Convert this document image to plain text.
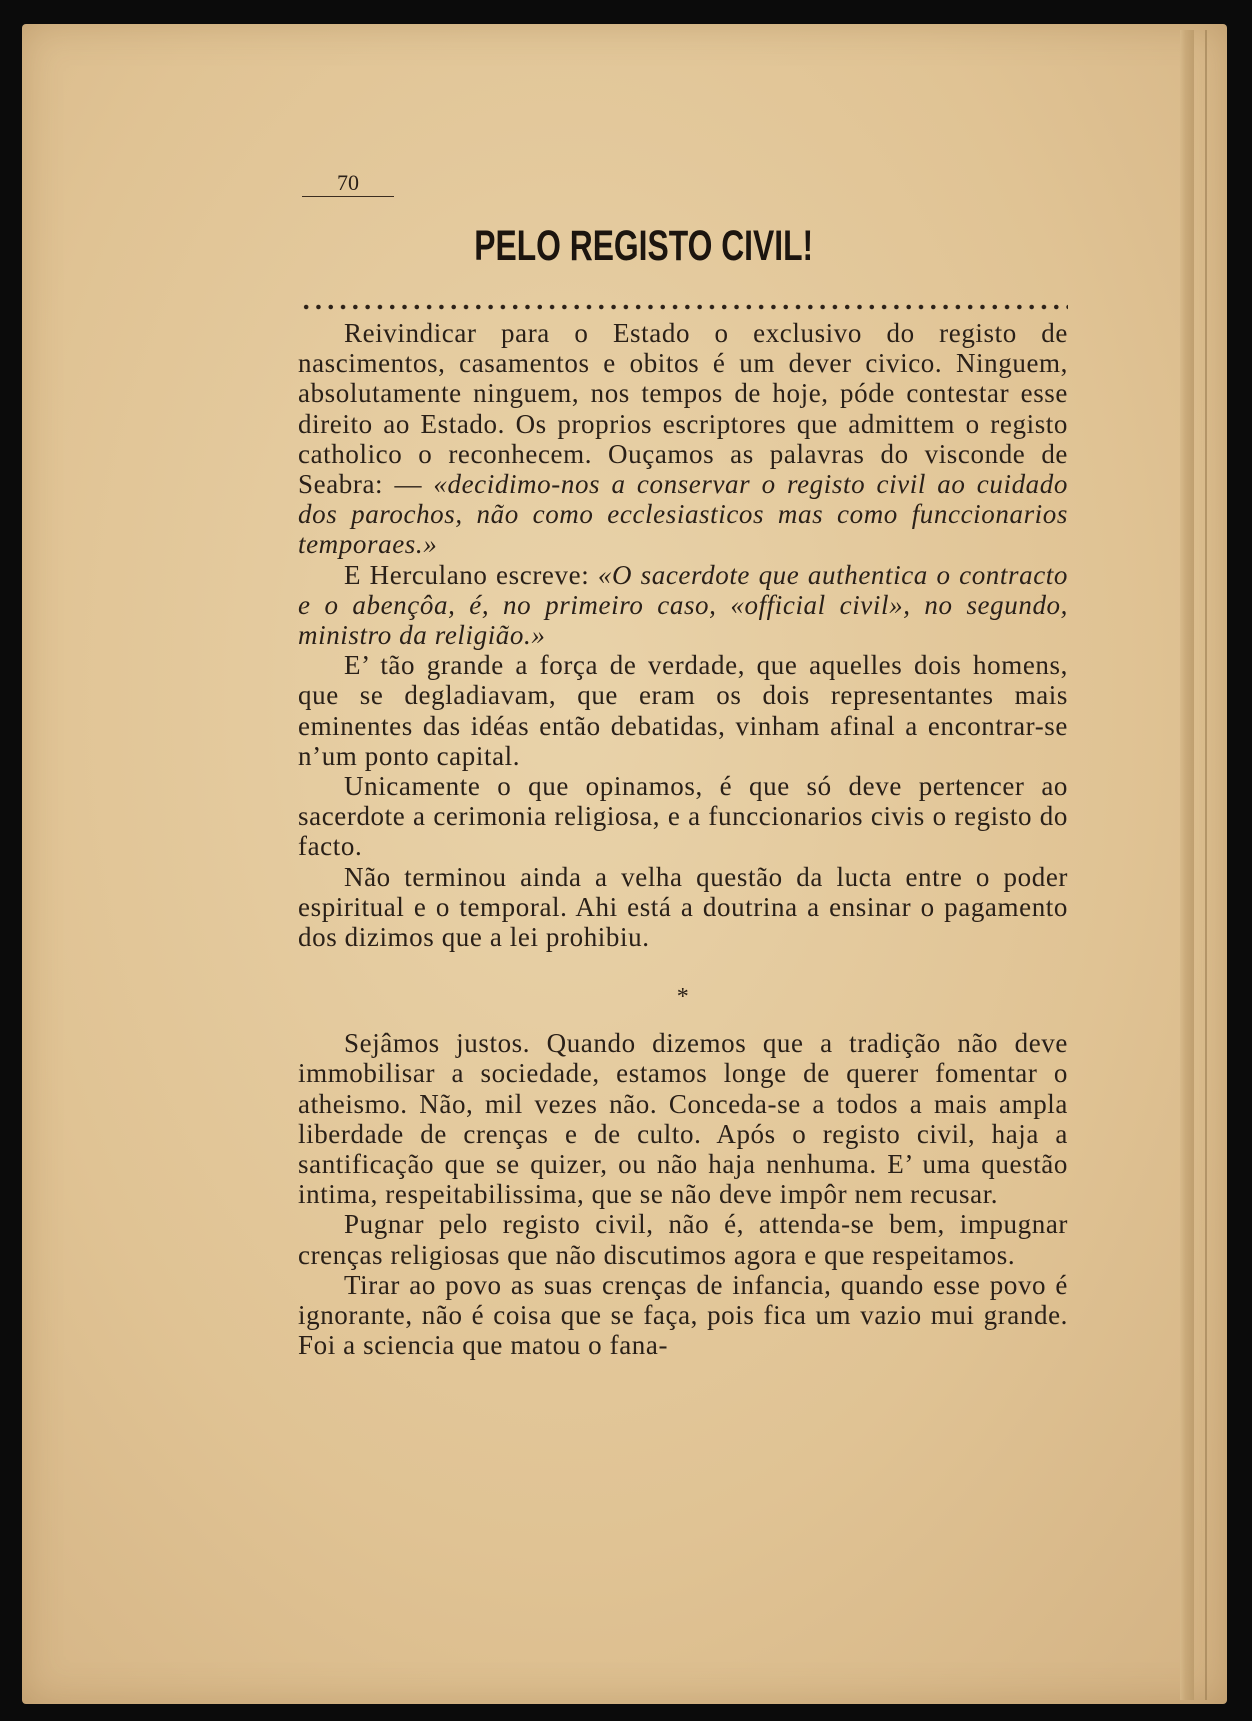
70
PELO REGISTO CIVIL!

Reivindicar para o Estado o exclusivo do registo de nascimentos, casamentos e obitos é um dever civico. Ninguem, absolutamente ninguem, nos tempos de hoje, póde contestar esse direito ao Estado. Os proprios escriptores que admittem o registo catholico o reconhecem. Ouçamos as palavras do visconde de Seabra: — «decidimo-nos a conservar o registo civil ao cuidado dos parochos, não como ecclesiasticos mas como funccionarios temporaes.»

E Herculano escreve: «O sacerdote que authentica o contracto e o abençôa, é, no primeiro caso, «official civil», no segundo, ministro da religião.»

E’ tão grande a força de verdade, que aquelles dois homens, que se degladiavam, que eram os dois representantes mais eminentes das idéas então debatidas, vinham afinal a encontrar-se n’um ponto capital.

Unicamente o que opinamos, é que só deve pertencer ao sacerdote a cerimonia religiosa, e a funccionarios civis o registo do facto.

Não terminou ainda a velha questão da lucta entre o poder espiritual e o temporal. Ahi está a doutrina a ensinar o pagamento dos dizimos que a lei prohibiu.

*

Sejâmos justos. Quando dizemos que a tradição não deve immobilisar a sociedade, estamos longe de querer fomentar o atheismo. Não, mil vezes não. Conceda-se a todos a mais ampla liberdade de crenças e de culto. Após o registo civil, haja a santificação que se quizer, ou não haja nenhuma. E’ uma questão intima, respeitabilissima, que se não deve impôr nem recusar.

Pugnar pelo registo civil, não é, attenda-se bem, impugnar crenças religiosas que não discutimos agora e que respeitamos.

Tirar ao povo as suas crenças de infancia, quando esse povo é ignorante, não é coisa que se faça, pois fica um vazio mui grande. Foi a sciencia que matou o fana-
